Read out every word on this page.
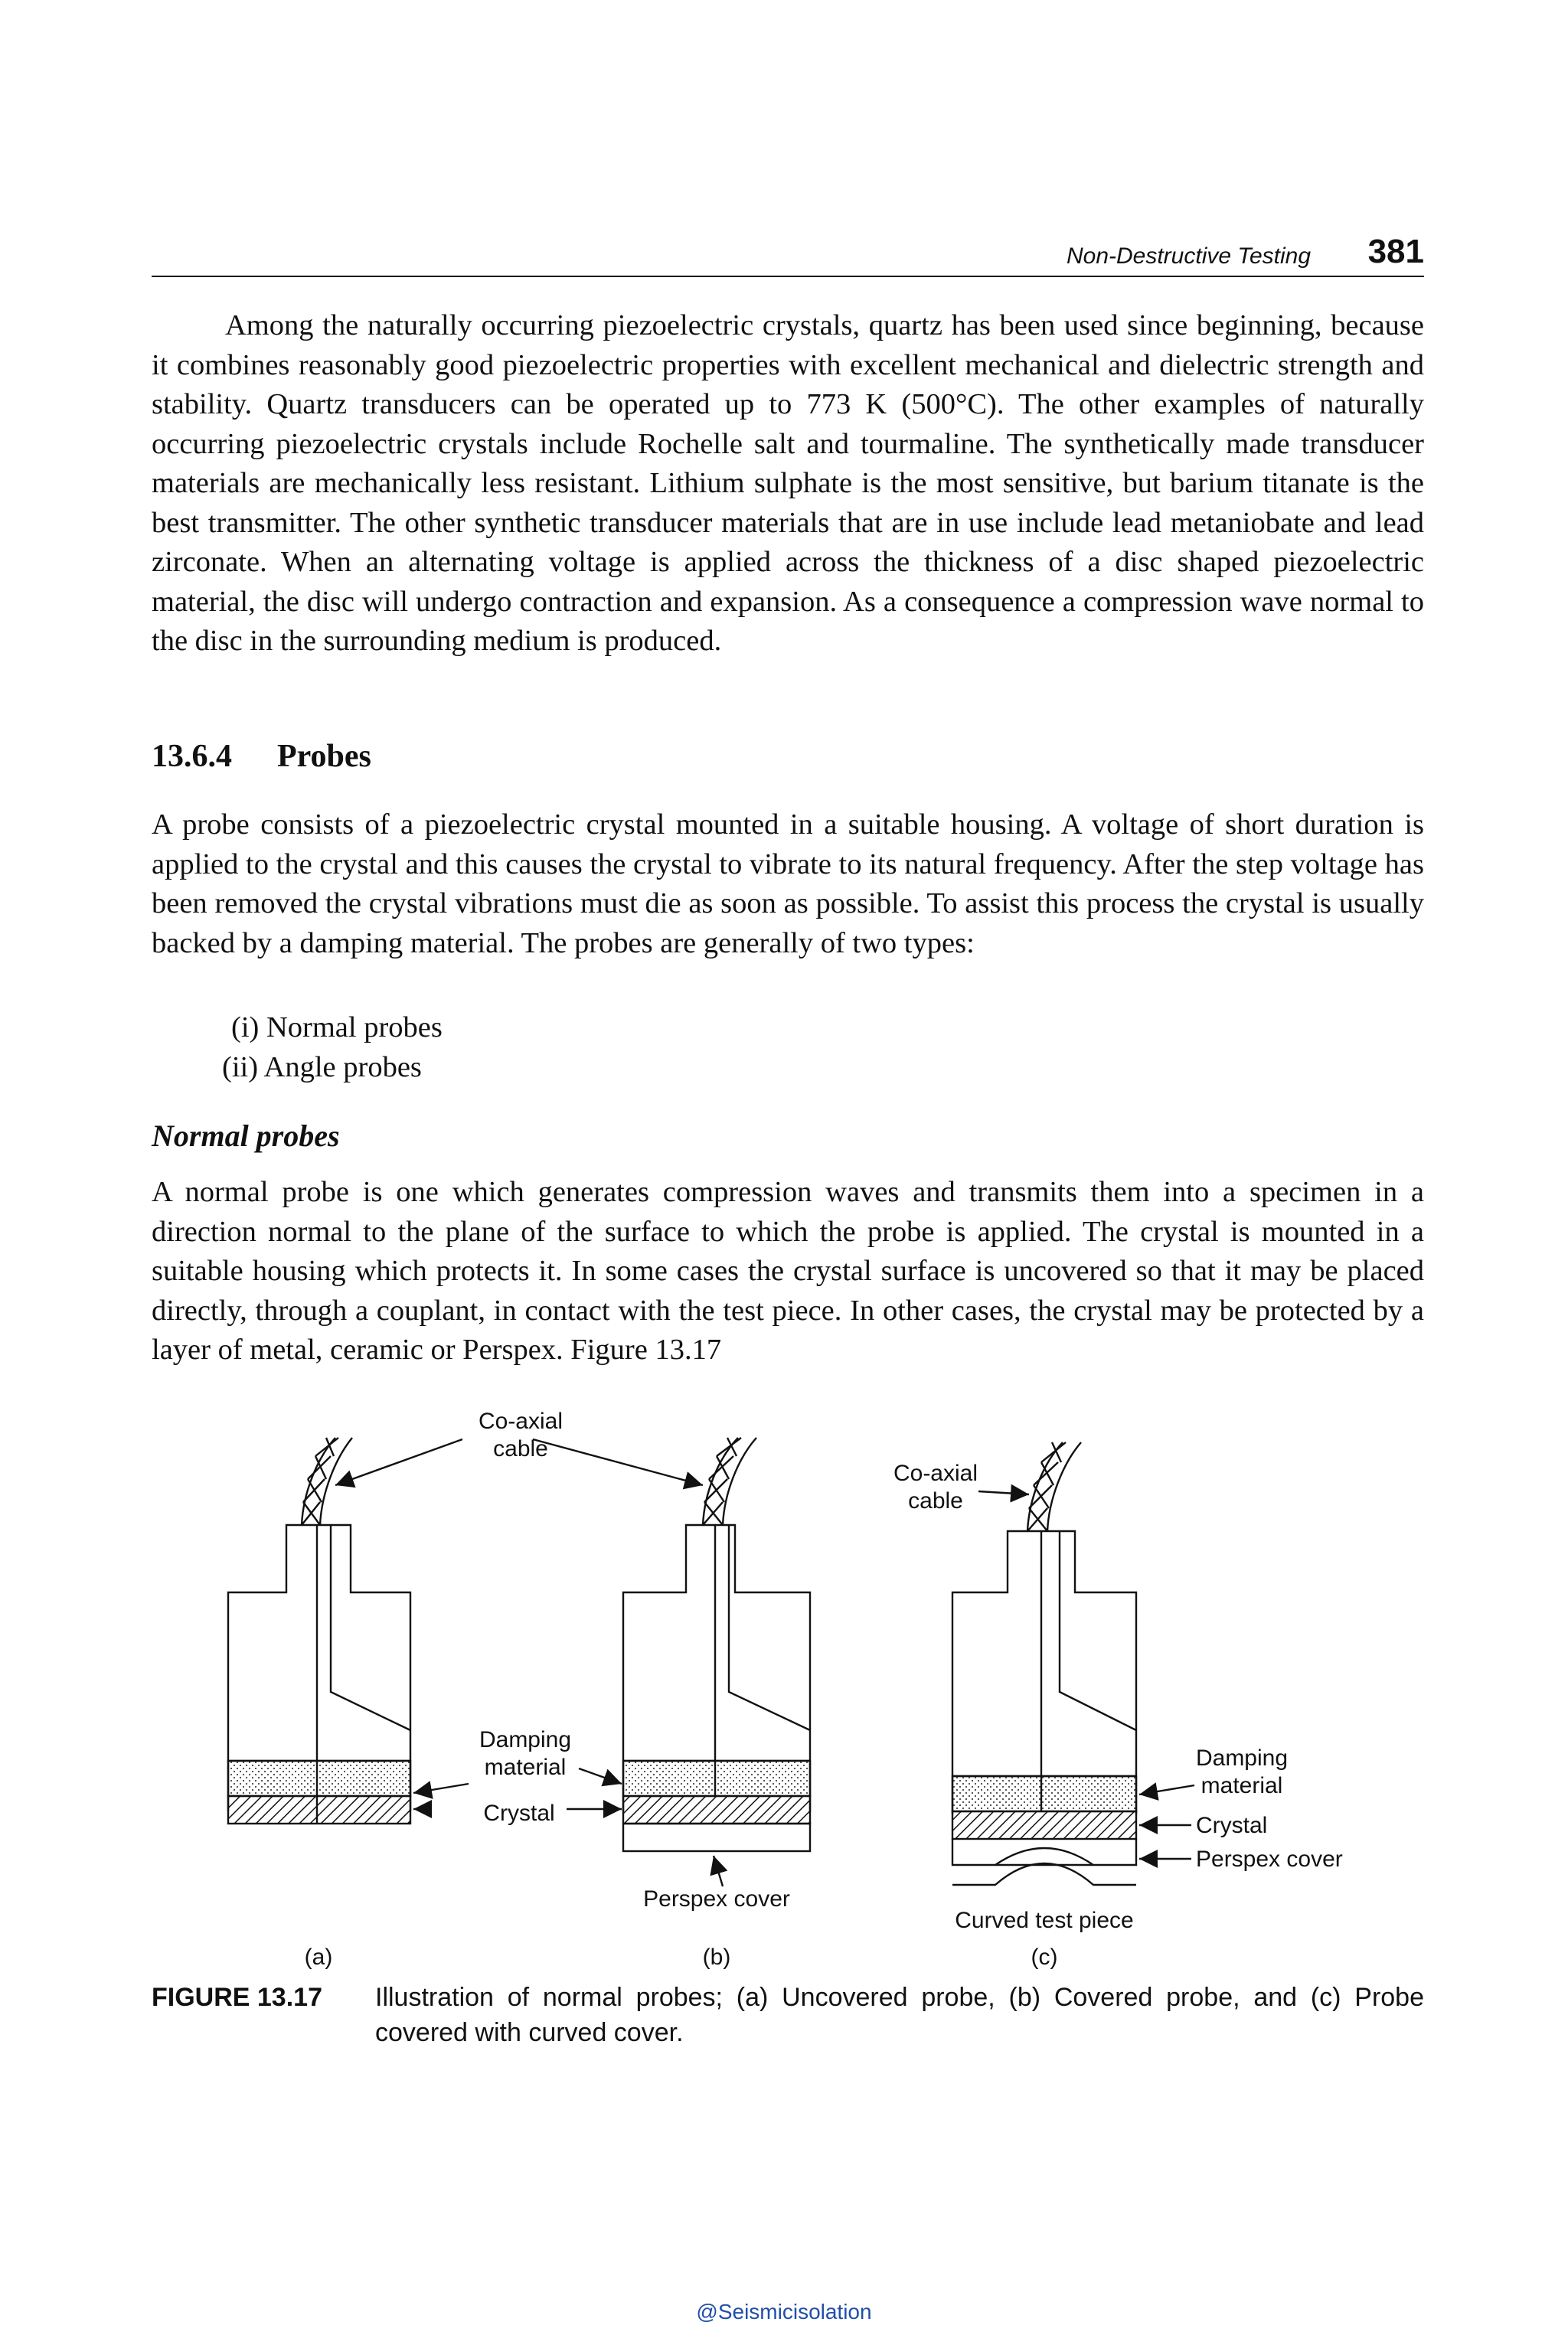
Non-Destructive Testing 381

Among the naturally occurring piezoelectric crystals, quartz has been used since beginning, because it combines reasonably good piezoelectric properties with excellent mechanical and dielectric strength and stability. Quartz transducers can be operated up to 773 K (500°C). The other examples of naturally occurring piezoelectric crystals include Rochelle salt and tourmaline. The synthetically made transducer materials are mechanically less resistant. Lithium sulphate is the most sensitive, but barium titanate is the best transmitter. The other synthetic transducer materials that are in use include lead metaniobate and lead zirconate. When an alternating voltage is applied across the thickness of a disc shaped piezoelectric material, the disc will undergo contraction and expansion. As a consequence a compression wave normal to the disc in the surrounding medium is produced.

13.6.4 Probes

A probe consists of a piezoelectric crystal mounted in a suitable housing. A voltage of short duration is applied to the crystal and this causes the crystal to vibrate to its natural frequency. After the step voltage has been removed the crystal vibrations must die as soon as possible. To assist this process the crystal is usually backed by a damping material. The probes are generally of two types:

(i) Normal probes
(ii) Angle probes
Normal probes

A normal probe is one which generates compression waves and transmits them into a specimen in a direction normal to the plane of the surface to which the probe is applied. The crystal is mounted in a suitable housing which protects it. In some cases the crystal surface is uncovered so that it may be placed directly, through a couplant, in contact with the test piece. In other cases, the crystal may be protected by a layer of metal, ceramic or Perspex. Figure 13.17

Co-axial
cable
Co-axial
cable
Damping
material
Crystal
Perspex cover
Damping
material
Crystal
Perspex cover
Curved test piece
(a)	(b)	(c)
FIGURE 13.17 Illustration of normal probes; (a) Uncovered probe, (b) Covered probe, and (c) Probe covered with curved cover.
@Seismicisolation
